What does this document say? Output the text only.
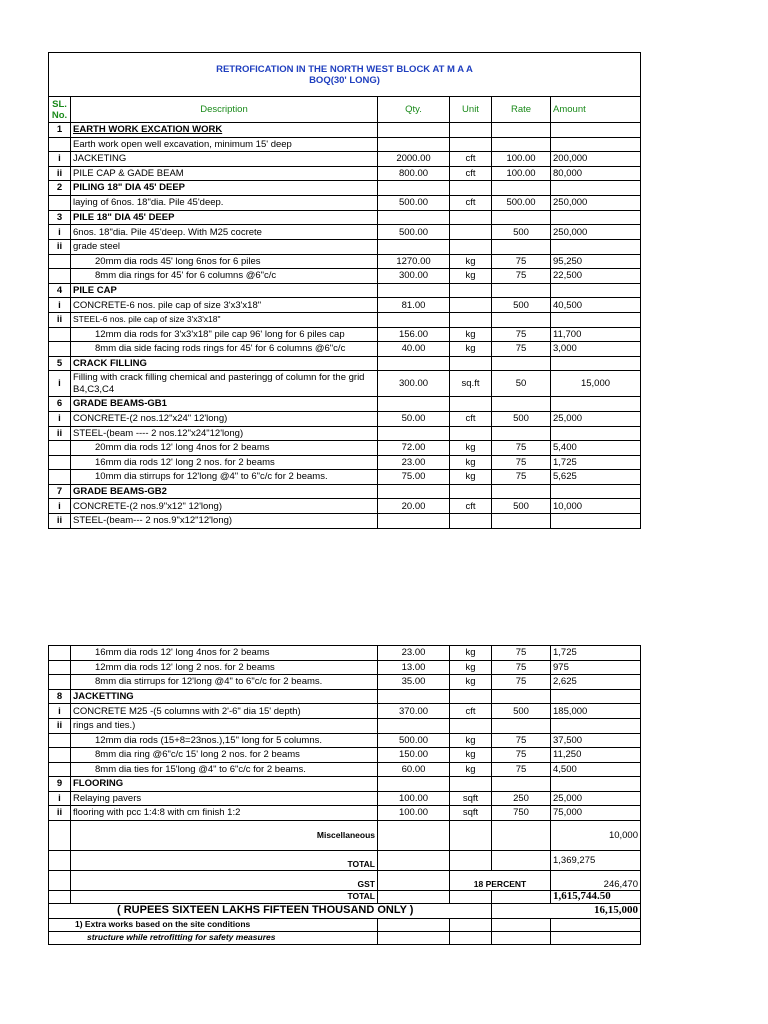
RETROFICATION IN THE NORTH WEST BLOCK AT M A A
BOQ(30' LONG)					

SL.
No.	Description	Qty.	Unit	Rate	Amount
1	EARTH WORK EXCATION WORK				
	Earth work open well excavation, minimum 15' deep				
i	JACKETING	2000.00	cft	100.00	200,000
ii	PILE CAP & GADE BEAM	800.00	cft	100.00	80,000
2	PILING 18" DIA 45' DEEP				
	laying of 6nos. 18"dia. Pile 45'deep.	500.00	cft	500.00	250,000
3	PILE 18" DIA 45' DEEP				
i	6nos. 18"dia. Pile 45'deep. With M25 cocrete	500.00		500	250,000
ii	grade steel				
	20mm dia rods 45' long 6nos for 6 piles	1270.00	kg	75	95,250
	8mm dia rings for 45' for 6 columns @6"c/c	300.00	kg	75	22,500
4	PILE CAP				
i	CONCRETE-6 nos. pile cap of size 3'x3'x18"	81.00		500	40,500
ii	STEEL-6 nos. pile cap of size 3'x3'x18"				
	12mm dia rods for 3'x3'x18" pile cap 96' long for 6 piles cap	156.00	kg	75	11,700
	8mm dia side facing rods rings for 45' for 6 columns @6"c/c	40.00	kg	75	3,000
5	CRACK FILLING				
i	Filling with crack filling chemical and pasteringg of column for the grid B4,C3,C4	300.00	sq.ft	50	15,000
6	GRADE BEAMS-GB1				
i	CONCRETE-(2 nos.12"x24" 12'long)	50.00	cft	500	25,000
ii	STEEL-(beam ---- 2 nos.12"x24"12'long)				
	20mm dia rods 12' long 4nos for 2 beams	72.00	kg	75	5,400
	16mm dia rods 12' long 2 nos. for 2 beams	23.00	kg	75	1,725
	10mm dia stirrups for 12'long @4" to 6"c/c for 2 beams.	75.00	kg	75	5,625
7	GRADE BEAMS-GB2				
i	CONCRETE-(2 nos.9"x12" 12'long)	20.00	cft	500	10,000
ii	STEEL-(beam--- 2 nos.9"x12"12'long)				
	16mm dia rods 12' long 4nos for 2 beams	23.00	kg	75	1,725
	12mm dia rods 12' long 2 nos. for 2 beams	13.00	kg	75	975
	8mm dia stirrups for 12'long @4" to 6"c/c for 2 beams.	35.00	kg	75	2,625
8	JACKETTING				
i	CONCRETE M25 -(5 columns with 2'-6" dia 15' depth)	370.00	cft	500	185,000
ii	rings and ties.)				
	12mm dia rods (15+8=23nos.),15'' long for 5 columns.	500.00	kg	75	37,500
	8mm dia ring @6"c/c 15' long 2 nos. for 2 beams	150.00	kg	75	11,250
	8mm dia ties for 15'long @4" to 6"c/c for 2 beams.	60.00	kg	75	4,500
9	FLOORING				
i	Relaying pavers	100.00	sqft	250	25,000
ii	flooring with pcc 1:4:8 with cm finish 1:2	100.00	sqft	750	75,000
	Miscellaneous				10,000
	TOTAL				1,369,275
	GST		18 PERCENT		246,470
	TOTAL				1,615,744.50
( RUPEES SIXTEEN LAKHS FIFTEEN THOUSAND ONLY )				16,15,000	
1) Extra works based on the site conditions					
structure while retrofitting for safety measures					
